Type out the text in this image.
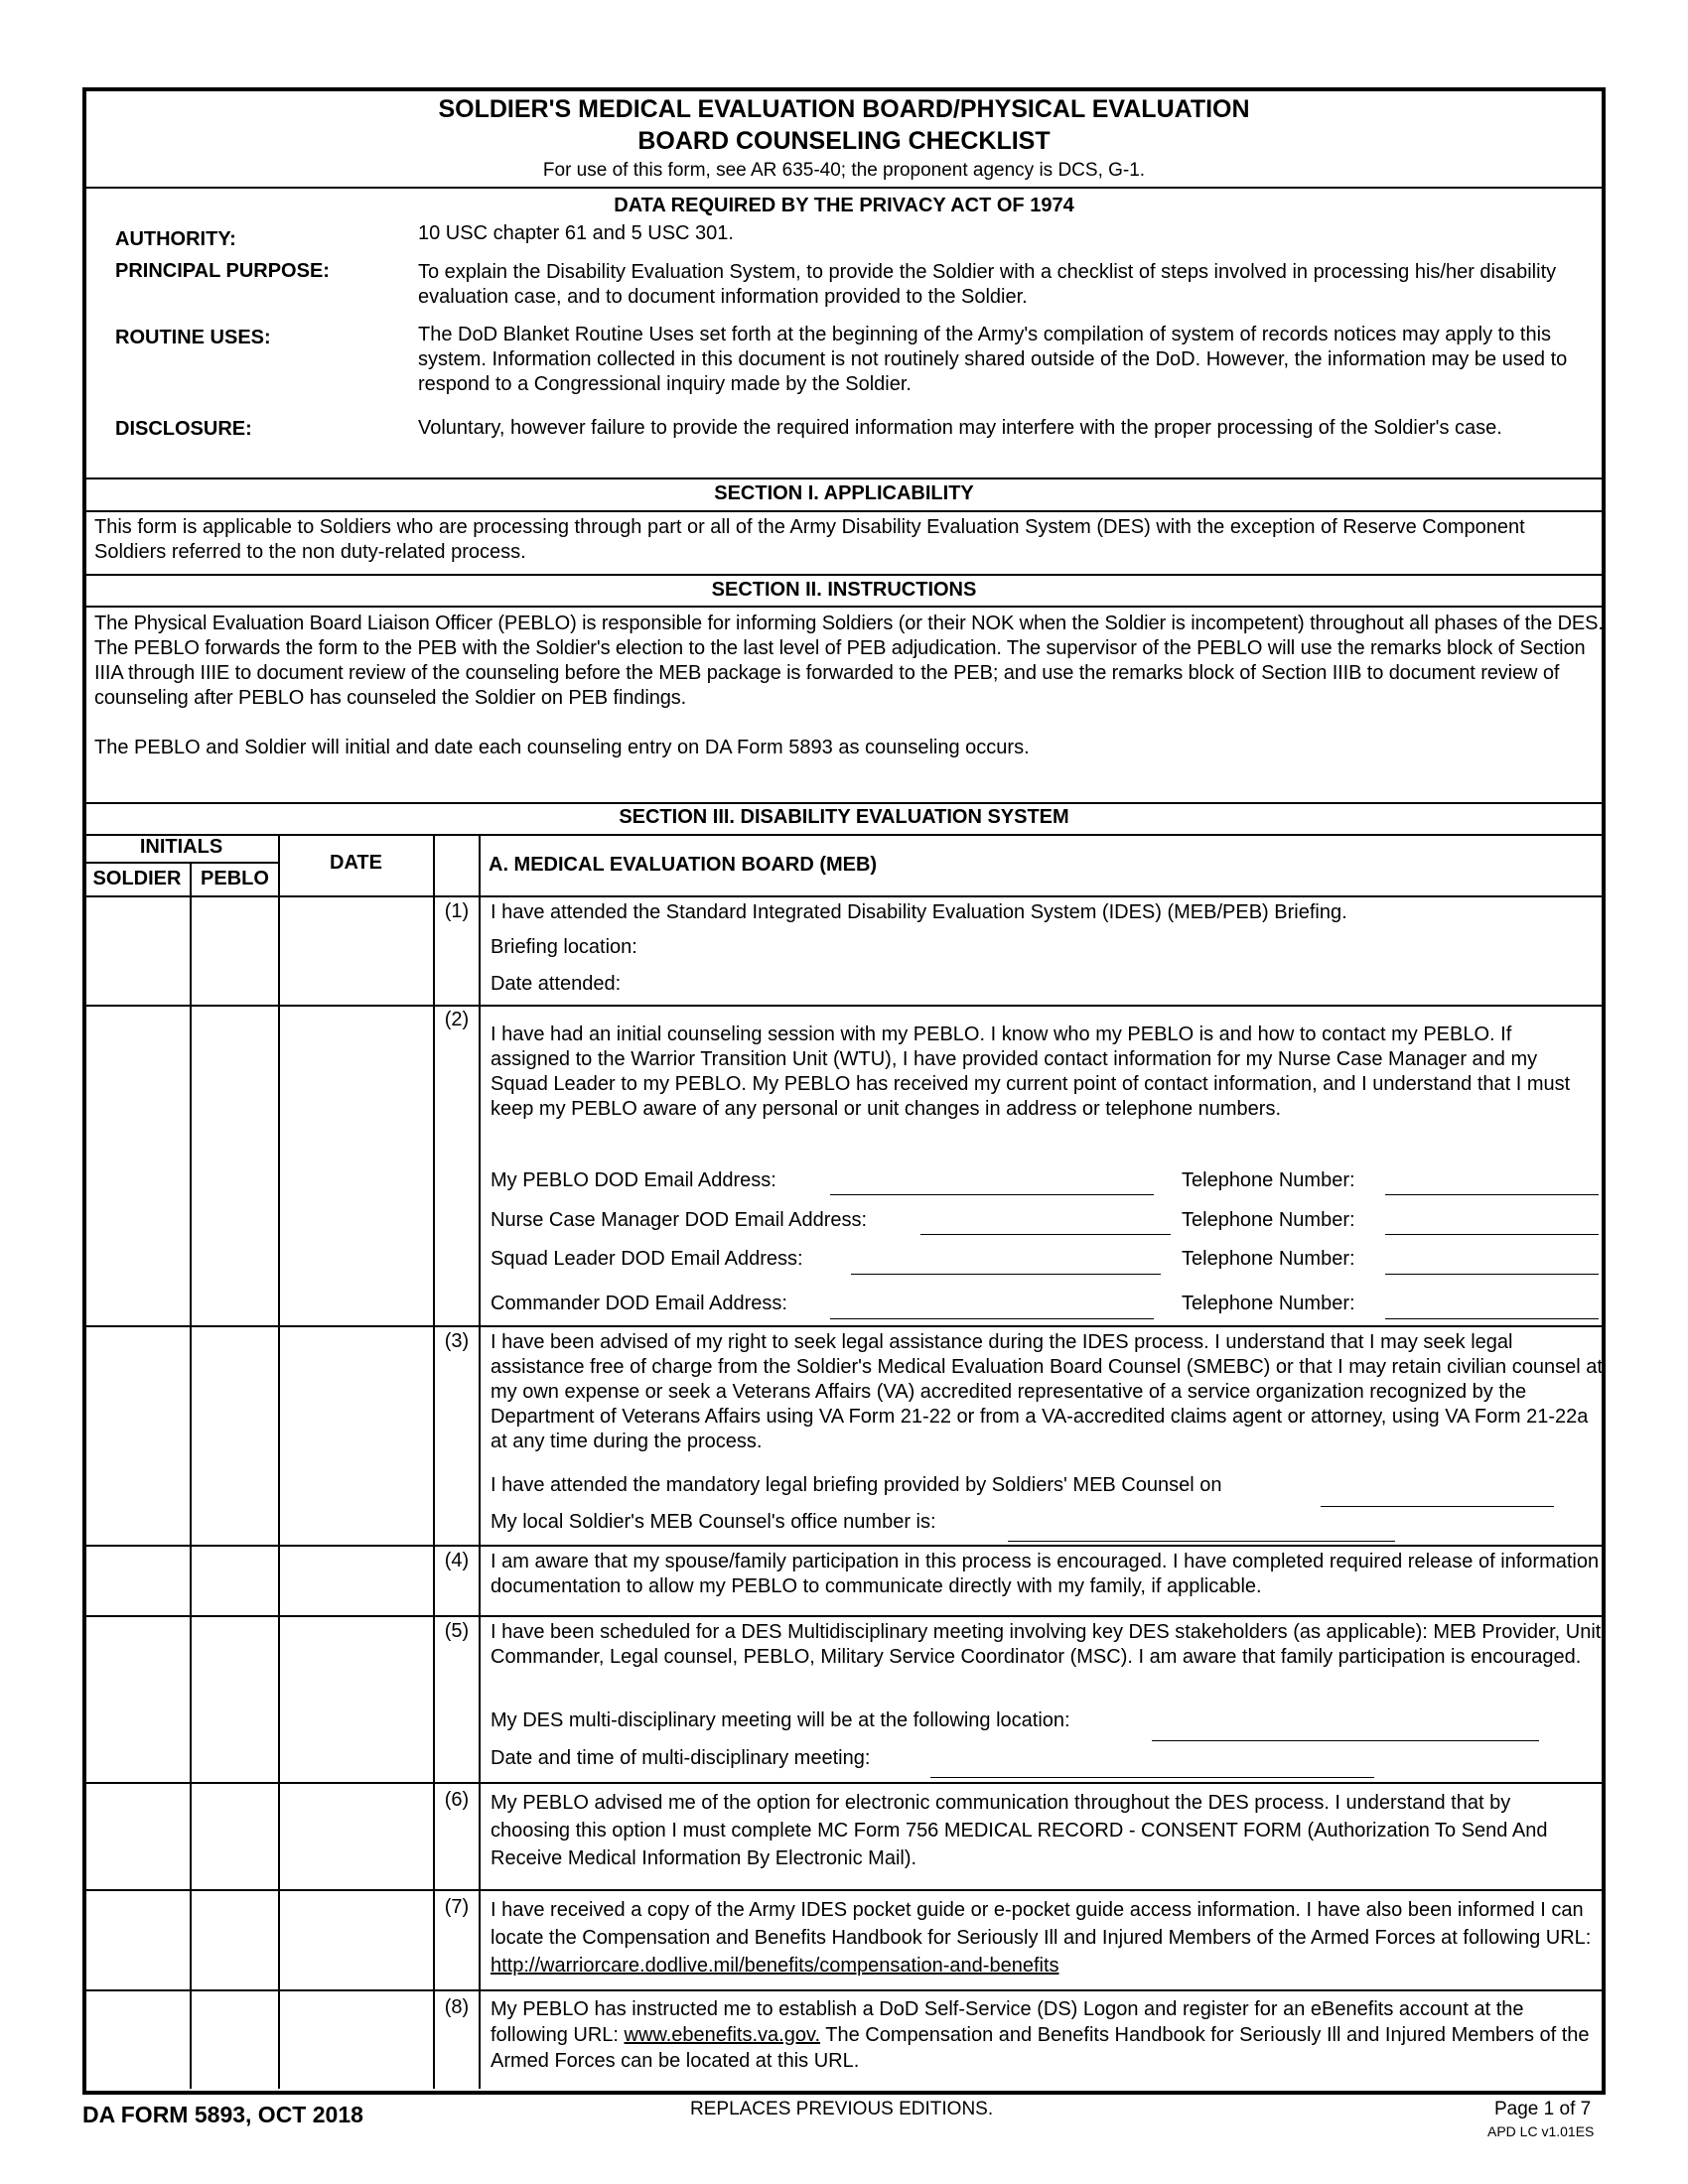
SOLDIER'S MEDICAL EVALUATION BOARD/PHYSICAL EVALUATION
BOARD COUNSELING CHECKLIST
For use of this form, see AR 635-40; the proponent agency is DCS, G-1.
DATA REQUIRED BY THE PRIVACY ACT OF 1974
AUTHORITY:	10 USC chapter 61 and 5 USC 301.
PRINCIPAL PURPOSE:	To explain the Disability Evaluation System, to provide the Soldier with a checklist of steps involved in processing his/her disability evaluation case, and to document information provided to the Soldier.
ROUTINE USES:	The DoD Blanket Routine Uses set forth at the beginning of the Army's compilation of system of records notices may apply to this system. Information collected in this document is not routinely shared outside of the DoD. However, the information may be used to respond to a Congressional inquiry made by the Soldier.
DISCLOSURE:	Voluntary, however failure to provide the required information may interfere with the proper processing of the Soldier's case.
SECTION I. APPLICABILITY
This form is applicable to Soldiers who are processing through part or all of the Army Disability Evaluation System (DES) with the exception of Reserve Component Soldiers referred to the non duty-related process.
SECTION II. INSTRUCTIONS
The Physical Evaluation Board Liaison Officer (PEBLO) is responsible for informing Soldiers (or their NOK when the Soldier is incompetent) throughout all phases of the DES. The PEBLO forwards the form to the PEB with the Soldier's election to the last level of PEB adjudication. The supervisor of the PEBLO will use the remarks block of Section IIIA through IIIE to document review of the counseling before the MEB package is forwarded to the PEB; and use the remarks block of Section IIIB to document review of counseling after PEBLO has counseled the Soldier on PEB findings.
The PEBLO and Soldier will initial and date each counseling entry on DA Form 5893 as counseling occurs.
SECTION III. DISABILITY EVALUATION SYSTEM
INITIALS
SOLDIER PEBLO
DATE	A. MEDICAL EVALUATION BOARD (MEB)
(1)	I have attended the Standard Integrated Disability Evaluation System (IDES) (MEB/PEB) Briefing.
Briefing location:
Date attended:
(2)
I have had an initial counseling session with my PEBLO. I know who my PEBLO is and how to contact my PEBLO. If assigned to the Warrior Transition Unit (WTU), I have provided contact information for my Nurse Case Manager and my Squad Leader to my PEBLO. My PEBLO has received my current point of contact information, and I understand that I must keep my PEBLO aware of any personal or unit changes in address or telephone numbers.
My PEBLO DOD Email Address:	Telephone Number:
Nurse Case Manager DOD Email Address:	Telephone Number:
Squad Leader DOD Email Address:	Telephone Number:
Commander DOD Email Address:	Telephone Number:
(3)	I have been advised of my right to seek legal assistance during the IDES process. I understand that I may seek legal assistance free of charge from the Soldier's Medical Evaluation Board Counsel (SMEBC) or that I may retain civilian counsel at my own expense or seek a Veterans Affairs (VA) accredited representative of a service organization recognized by the Department of Veterans Affairs using VA Form 21-22 or from a VA-accredited claims agent or attorney, using VA Form 21-22a at any time during the process.
I have attended the mandatory legal briefing provided by Soldiers' MEB Counsel on
My local Soldier's MEB Counsel's office number is:
(4)	I am aware that my spouse/family participation in this process is encouraged. I have completed required release of information documentation to allow my PEBLO to communicate directly with my family, if applicable.
(5)	I have been scheduled for a DES Multidisciplinary meeting involving key DES stakeholders (as applicable): MEB Provider, Unit Commander, Legal counsel, PEBLO, Military Service Coordinator (MSC). I am aware that family participation is encouraged.
My DES multi-disciplinary meeting will be at the following location:
Date and time of multi-disciplinary meeting:
(6)	My PEBLO advised me of the option for electronic communication throughout the DES process. I understand that by choosing this option I must complete MC Form 756 MEDICAL RECORD - CONSENT FORM (Authorization To Send And Receive Medical Information By Electronic Mail).
(7)	I have received a copy of the Army IDES pocket guide or e-pocket guide access information. I have also been informed I can locate the Compensation and Benefits Handbook for Seriously Ill and Injured Members of the Armed Forces at following URL: http://warriorcare.dodlive.mil/benefits/compensation-and-benefits
(8)	My PEBLO has instructed me to establish a DoD Self-Service (DS) Logon and register for an eBenefits account at the following URL: www.ebenefits.va.gov. The Compensation and Benefits Handbook for Seriously Ill and Injured Members of the Armed Forces can be located at this URL.
DA FORM 5893, OCT 2018	REPLACES PREVIOUS EDITIONS.	Page 1 of 7
APD LC v1.01ES
